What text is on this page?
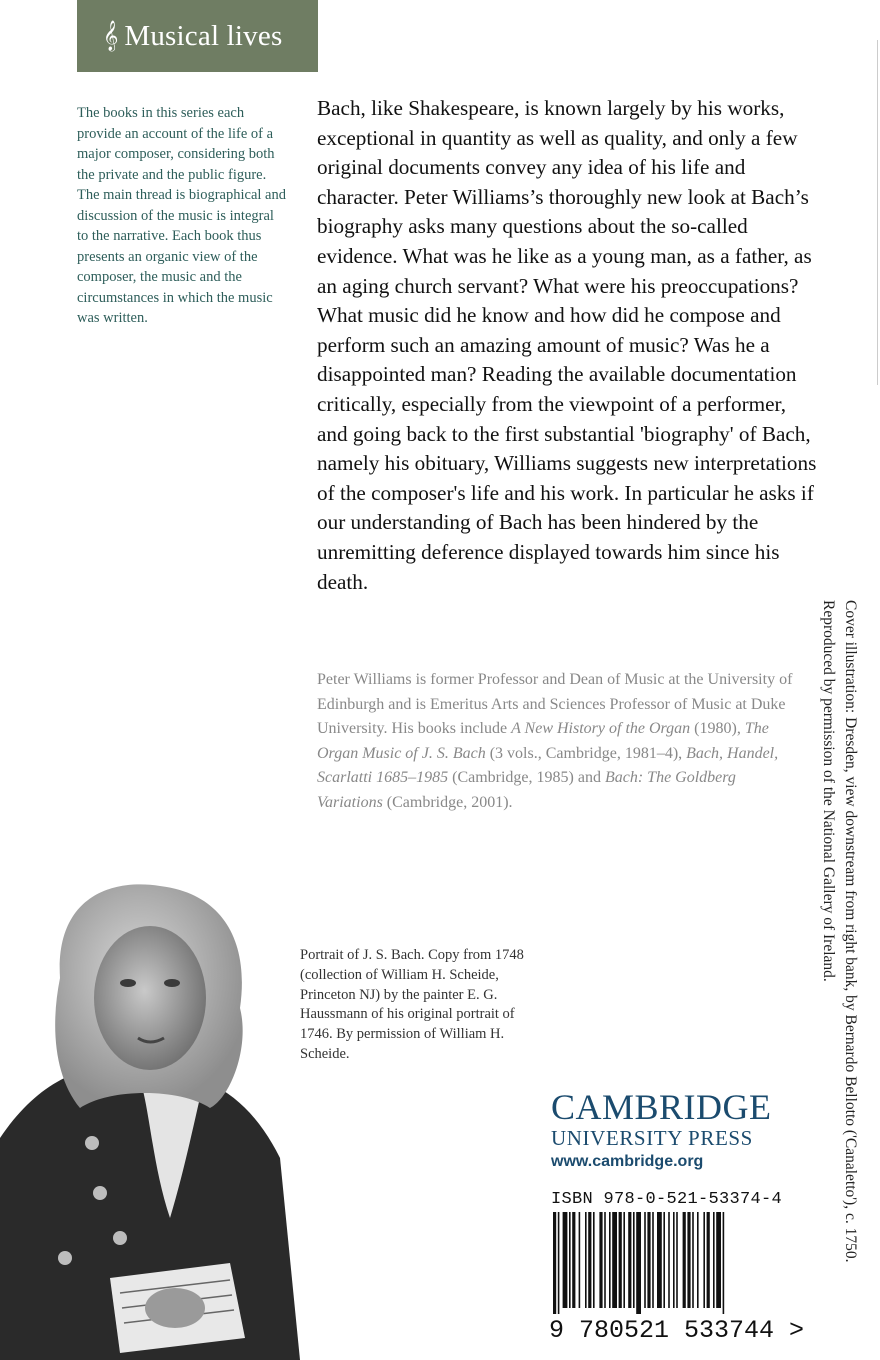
𝄞 Musical lives

The books in this series each provide an account of the life of a major composer, considering both the private and the public figure. The main thread is biographical and discussion of the music is integral to the narrative. Each book thus presents an organic view of the composer, the music and the circumstances in which the music was written.

Bach, like Shakespeare, is known largely by his works, exceptional in quantity as well as quality, and only a few original documents convey any idea of his life and character. Peter Williams’s thoroughly new look at Bach’s biography asks many questions about the so-called evidence. What was he like as a young man, as a father, as an aging church servant? What were his preoccupations? What music did he know and how did he compose and perform such an amazing amount of music? Was he a disappointed man? Reading the available documentation critically, especially from the viewpoint of a performer, and going back to the first substantial 'biography' of Bach, namely his obituary, Williams suggests new interpretations of the composer's life and his work. In particular he asks if our understanding of Bach has been hindered by the unremitting deference displayed towards him since his death.

Peter Williams is former Professor and Dean of Music at the University of Edinburgh and is Emeritus Arts and Sciences Professor of Music at Duke University. His books include A New History of the Organ (1980), The Organ Music of J. S. Bach (3 vols., Cambridge, 1981–4), Bach, Handel, Scarlatti 1685–1985 (Cambridge, 1985) and Bach: The Goldberg Variations (Cambridge, 2001).

Portrait of J. S. Bach. Copy from 1748 (collection of William H. Scheide, Princeton NJ) by the painter E. G. Haussmann of his original portrait of 1746. By permission of William H. Scheide.

CAMBRIDGE
UNIVERSITY PRESS
www.cambridge.org
ISBN 978-0-521-53374-4
9 780521 533744 >

Cover illustration: Dresden, view downstream from right bank, by Bernardo Bellotto ('Canaletto'), c. 1750. Reproduced by permission of the National Gallery of Ireland.
